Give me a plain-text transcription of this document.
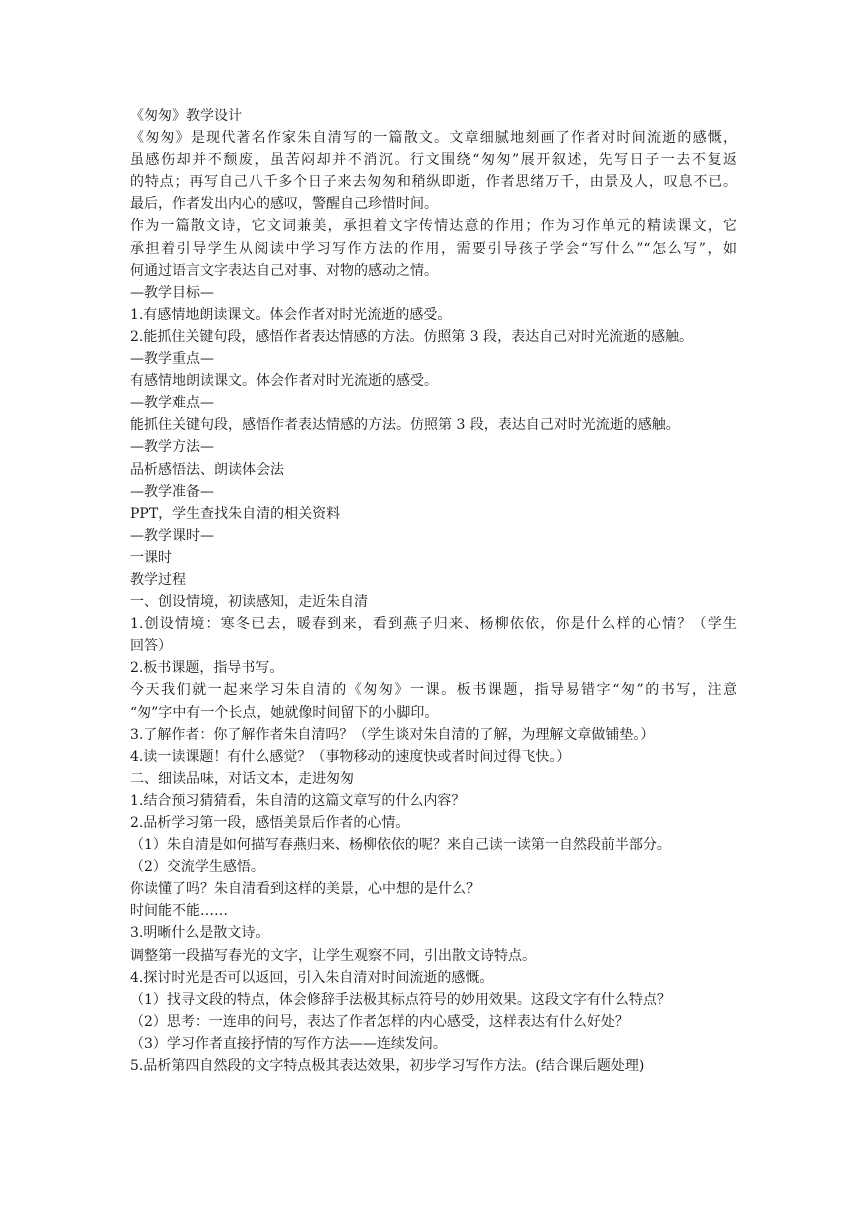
《匆匆》教学设计
《匆匆》是现代著名作家朱自清写的一篇散文。文章细腻地刻画了作者对时间流逝的感慨，
虽感伤却并不颓废，虽苦闷却并不消沉。行文围绕“匆匆”展开叙述，先写日子一去不复返
的特点；再写自己八千多个日子来去匆匆和稍纵即逝，作者思绪万千，由景及人，叹息不已。
最后，作者发出内心的感叹，警醒自己珍惜时间。
作为一篇散文诗，它文词兼美，承担着文字传情达意的作用；作为习作单元的精读课文，它
承担着引导学生从阅读中学习写作方法的作用，需要引导孩子学会“写什么”“怎么写”，如
何通过语言文字表达自己对事、对物的感动之情。
—教学目标—
1.有感情地朗读课文。体会作者对时光流逝的感受。
2.能抓住关键句段，感悟作者表达情感的方法。仿照第 3 段，表达自己对时光流逝的感触。
—教学重点—
有感情地朗读课文。体会作者对时光流逝的感受。
—教学难点—
能抓住关键句段，感悟作者表达情感的方法。仿照第 3 段，表达自己对时光流逝的感触。
—教学方法—
品析感悟法、朗读体会法
—教学准备—
PPT，学生查找朱自清的相关资料
—教学课时—
一课时
教学过程
一、创设情境，初读感知，走近朱自清
1.创设情境：寒冬已去，暖春到来，看到燕子归来、杨柳依依，你是什么样的心情？（学生
回答）
2.板书课题，指导书写。
今天我们就一起来学习朱自清的《匆匆》一课。板书课题，指导易错字“匆”的书写，注意
“匆”字中有一个长点，她就像时间留下的小脚印。
3.了解作者：你了解作者朱自清吗？（学生谈对朱自清的了解，为理解文章做铺垫。）
4.读一读课题！有什么感觉？（事物移动的速度快或者时间过得飞快。）
二、细读品味，对话文本，走进匆匆
1.结合预习猜猜看，朱自清的这篇文章写的什么内容？
2.品析学习第一段，感悟美景后作者的心情。
（1）朱自清是如何描写春燕归来、杨柳依依的呢？来自己读一读第一自然段前半部分。
（2）交流学生感悟。
你读懂了吗？朱自清看到这样的美景，心中想的是什么？
时间能不能……
3.明晰什么是散文诗。
调整第一段描写春光的文字，让学生观察不同，引出散文诗特点。
4.探讨时光是否可以返回，引入朱自清对时间流逝的感慨。
（1）找寻文段的特点，体会修辞手法极其标点符号的妙用效果。这段文字有什么特点？
（2）思考：一连串的问号，表达了作者怎样的内心感受，这样表达有什么好处？
（3）学习作者直接抒情的写作方法——连续发问。
5.品析第四自然段的文字特点极其表达效果，初步学习写作方法。(结合课后题处理)
